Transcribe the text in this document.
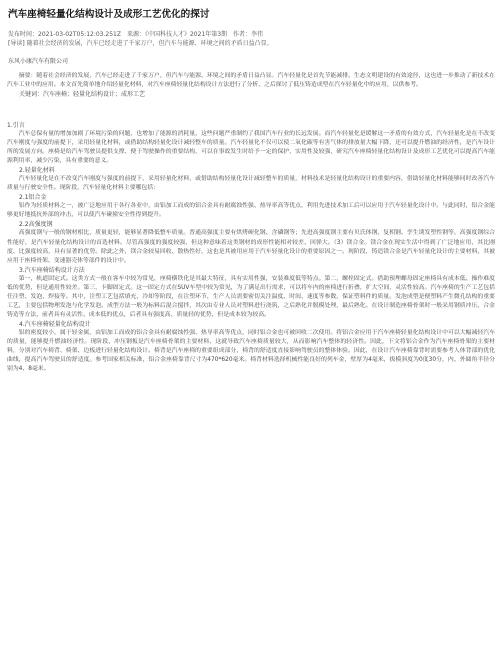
汽车座椅轻量化结构设计及成形工艺优化的探讨
发布时间：2021-03-02T05:12:03.251Z　来源：《中国科技人才》2021年第3期　作者：李伟
[导读] 随着社会经济的发展，汽车已经走进了千家万户，但汽车与能源、环境之间的矛盾日益凸显。
东风小康汽车有限公司

摘要：随着社会经济的发展，汽车已经走进了千家万户，但汽车与能源、环境之间的矛盾日益凸显。汽车轻量化是首先节能减排、生态文明建设的有效途径，这也进一步推动了新技术在汽车工业中的应用。本文首先简单地介绍轻量化材料，对汽车座椅轻量化结构设计方法进行了分析，之后探讨了低压铸造成型在汽车轻量化中的应用，以供参考。

关键词：汽车座椅；轻量化结构设计；成形工艺
1.引言

汽车总保有量的增加加剧了环境污染的问题，也增加了能源的消耗量，这些问题严重制约了我国汽车行业的长远发展。而汽车轻量化是缓解这一矛盾的有效方式，汽车轻量化是在不改变汽车刚度与强度的前提下，采用轻量化材料，或借助结构轻量化设计减轻整车的质量。汽车轻量化不仅可以使二氧化碳等有害气体的排放量大幅下降，还可以提升燃油的经济性，是汽车设计所的发展方向。座椅是给汽车驾驶员提供支撑、便于驾驶操作的重要结构，可以在事故发生时给予一定的保护，实用性及较强，研究汽车座椅轻量化结构设计及成形工艺优化可以提高汽车能源利用率，减少污染，具有重要的意义。

2.轻量化材料

汽车轻量化是在不改变汽车刚度与强度的前提下，采用轻量化材料，或借助结构轻量化设计减轻整车的质量，材料技术是轻量化结构设计的重要内容，借助轻量化材料能够同时改善汽车质量与行驶安全性。现阶段，汽车轻量化材料主要哪包括：

2.1铝合金

铝作为轻质材料之一，被广泛地应用于各行各业中，由铝加工而成的铝合金具有耐腐蚀性强、热导率高等优点，利用先进技术加工后可以应用于汽车轻量化设计中。与此同时，铝合金能够更好地抵抗外部的冲击，可以使汽车碰撞安全性得到提升。

2.2高强度钢

高强度钢与一般的钢材相比，质量更轻，能够显著降低整车质量。普通高强度主要有烘烤硬化钢、含磷钢等；先进高强度钢主要有贝氏体钢、复相钢、孪生诱发塑性钢等。高强度钢综合性能好，是汽车轻量化结构设计的首选材料。尽管高强度的强度较强，但这种意味着这类钢材的成形性能相对较差、回弹大。（3）镁合金。镁合金在现实生活中得到了广泛地应用，其比刚度、比强度较高，具有显著的优势。除此之外，镁合金较易回收、散热性好，这也是其被用应用于汽车轻量化设计的重要原因之一。现阶段，铸造镁合金是汽车轻量化设计的主要材料，其被应用于座椅骨架、变速器壳体等部件的设计中。

3.汽车座椅结构设计方法

第一，轨道固定式。这类方式一般在客车中较为常见，座椅横铁化是其最大特征，具有实用性强，安装难度低等特点。第二，螺栓固定式。借助预埋螺母固定座椅具有成本低、操作难度低的优势，但是通用性较差。第三，卡脚固定式。这一固定方式在SUV车型中较为常见，为了满足出行需求，可以将车内的座椅进行折叠，扩大空间，灵活性较高。汽车座椅的生产工艺包括任注塑、发泡、焊接等。其中，注塑工艺包括填充、冷却等阶段，在注塑环节，生产人员需要密切关注温度、时间、速度等参数，保证塑料件的质量。发泡成型是便塑料产生微孔结构的重要工艺，主要包括物理发泡与化学发泡。成型方法一般为标料后混合搅拌，其次由专业人员对塑料进行浇筑，之后熟化并脱模处理，最后熟化。在设计制造座椅骨架时一般采用钢质冲压、合金铸造等方法，前者具有灵活性、成本低的优点，后者具有强度高、质量轻的优势，但是成本较为较高。

4.汽车座椅轻量化结构设计

铝的密度较小，属于轻金属，由铝加工而成的铝合金具有耐腐蚀性强、热导率高等优点，同时铝合金也可被回收二次使用。将铝合金应用于汽车座椅轻量化结构设计中可以大幅减轻汽车的质量，能够提升燃油经济性。现阶段，冲压钢板是汽车座椅骨架的主要材料，这就导致汽车座椅质量较大，从而影响汽车整体的轻济性。因此，下文将铝合金作为汽车座椅骨架的主要材料，分别对汽车椅背、椅架、边板进行轻量化结构设计。椅背是汽车座椅的重要组成部分，椅背的舒适度直接影响驾驶员的整体体验。因此，在设计汽车座椅靠背时需要参考人体背部的优化曲线，提高汽车驾驶员的舒适度。参考国家相关标准，铝合金座椅靠背尺寸为470*620毫米。椅背材料选择机械性能良好的列车金，壁厚为4毫米，拔模斜度为0度30分，内、外圆角半径分别为4、8毫米。
